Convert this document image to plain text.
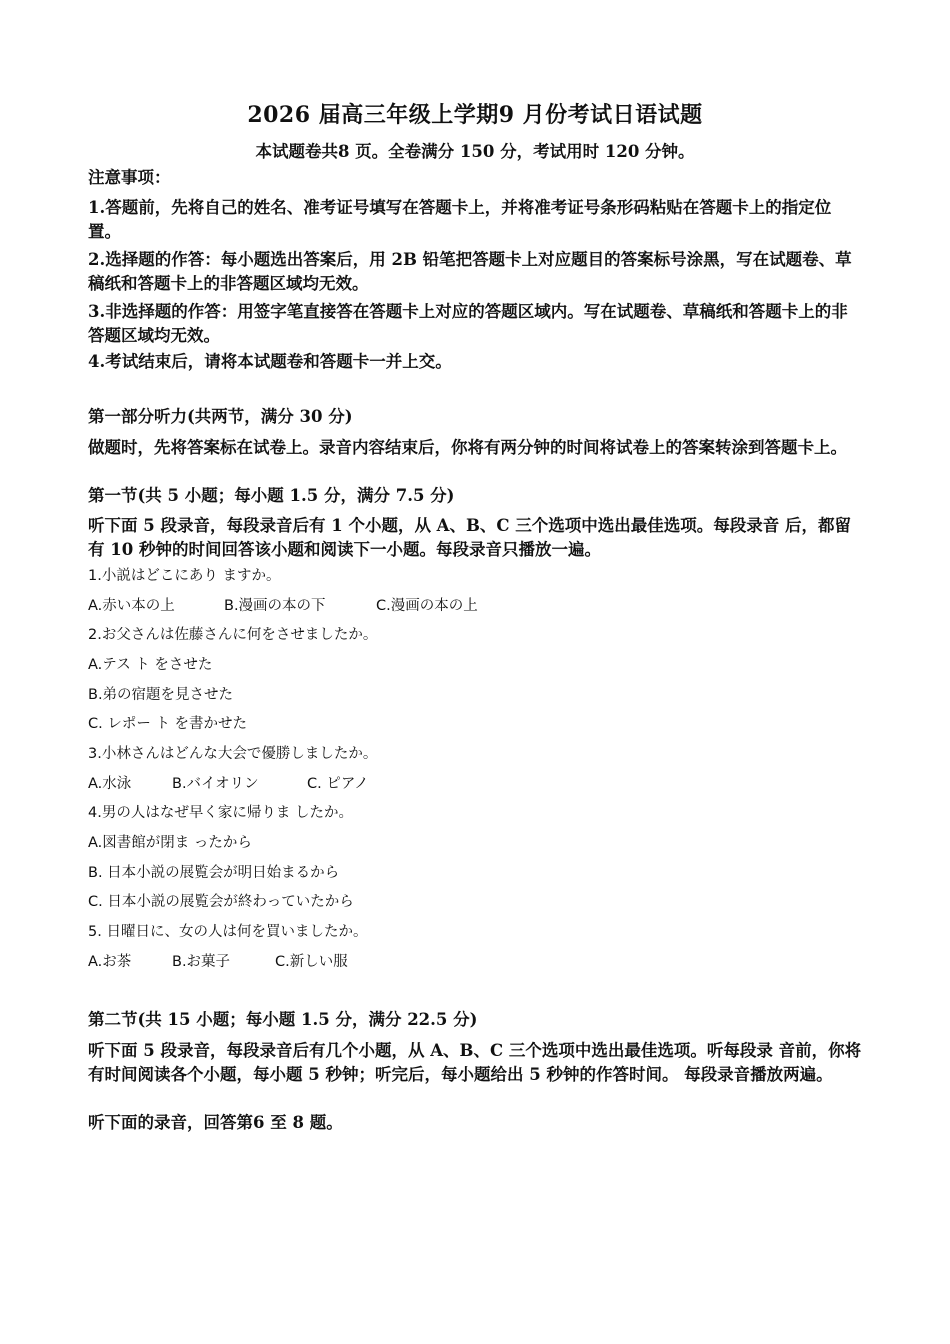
2026 届高三年级上学期9 月份考试日语试题
本试题卷共8 页。全卷满分 150 分，考试用时 120 分钟。
注意事项：
1.答题前，先将自己的姓名、准考证号填写在答题卡上，并将准考证号条形码粘贴在答题卡上的指定位置。
2.选择题的作答：每小题选出答案后，用 2B 铅笔把答题卡上对应题目的答案标号涂黑，写在试题卷、草稿纸和答题卡上的非答题区域均无效。
3.非选择题的作答：用签字笔直接答在答题卡上对应的答题区域内。写在试题卷、草稿纸和答题卡上的非答题区域均无效。
4.考试结束后，请将本试题卷和答题卡一并上交。
第一部分听力(共两节，满分 30 分)
做题时，先将答案标在试卷上。录音内容结束后，你将有两分钟的时间将试卷上的答案转涂到答题卡上。
第一节(共 5 小题；每小题 1.5 分，满分 7.5 分)
听下面 5 段录音，每段录音后有 1 个小题，从 A、B、C 三个选项中选出最佳选项。每段录音 后，都留有 10 秒钟的时间回答该小题和阅读下一小题。每段录音只播放一遍。
1.小説はどこにあり ますか。
A.赤い本の上	B.漫画の本の下	C.漫画の本の上
2.お父さんは佐藤さんに何をさせましたか。
A.テス ト をさせた
B.弟の宿題を見させた
C. レポー ト を書かせた
3.小林さんはどんな大会で優勝しましたか。
A.水泳	B.バイオリン	C. ピアノ
4.男の人はなぜ早く家に帰りま したか。
A.図書館が閉ま ったから
B. 日本小説の展覧会が明日始まるから
C. 日本小説の展覧会が終わっていたから
5. 日曜日に、女の人は何を買いましたか。
A.お茶	B.お菓子	C.新しい服
第二节(共 15 小题；每小题 1.5 分，满分 22.5 分)
听下面 5 段录音，每段录音后有几个小题，从 A、B、C 三个选项中选出最佳选项。听每段录 音前，你将有时间阅读各个小题，每小题 5 秒钟；听完后，每小题给出 5 秒钟的作答时间。 每段录音播放两遍。
听下面的录音，回答第6 至 8 题。
